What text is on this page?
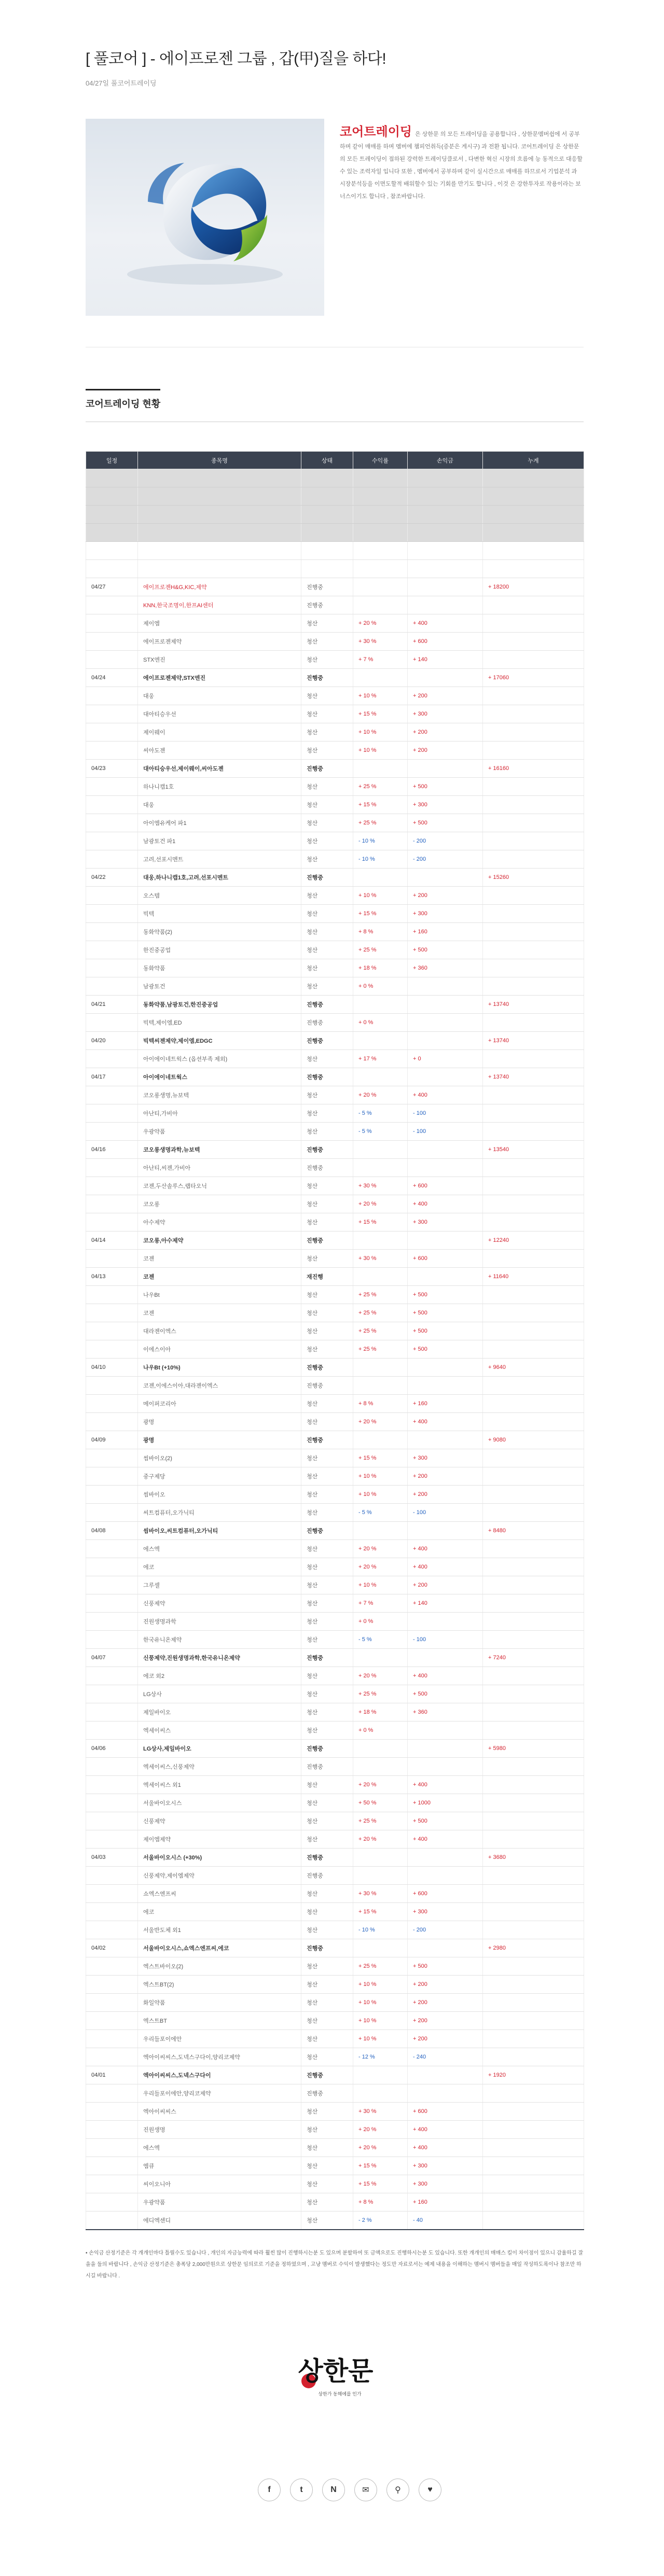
[ 풀코어 ] - 에이프로젠 그룹 , 갑(甲)질을 하다!
04/27일 풀코어트레이딩
코어트레이딩 은 상한문 의 모든 트레이딩을 공용합니다 , 상한문멤버쉽에 서 공부하며 같이 매매를 하며 멤버에 챔피언취득(증분은 게시구) 과 전환 됩니다. 코어트레이딩 은 상한문 의 모든 트레이딩이 접하된 강력한 트레이딩클로서 , 다변한 혁신 시장의 흐름에 능 동적으로 대응할수 있는 조력자일 입니다 또한 , 멤버에서 공부하며 같이 실시간으로 매매를 하므로서 기업분석 과 시장분석등을 이면도할적 배워할수 있는 기회를 만기도 합니다 , 이것 은 강한투자로 작용이라는 보너스이기도 합니다 , 참조바랍니다.

코어트레이딩 현황
일정	종목명	상태	수익률	손익금	누계

04/27	에이프로젠H&G,KIC,제약	진행중			+ 18200
	KNN,한국조명이,한프AI센터	진행중			
	제이엠	청산	+ 20 %	+ 400	
	에이프로젠제약	청산	+ 30 %	+ 600	
	STX엔진	청산	+ 7 %	+ 140	
04/24	에이프로젠제약,STX엔진	진행중			+ 17060
	대웅	청산	+ 10 %	+ 200	
	대아티승우선	청산	+ 15 %	+ 300	
	제이웨이	청산	+ 10 %	+ 200	
	씨아도젠	청산	+ 10 %	+ 200	
04/23	대아티승우선,제이웨이,씨아도젠	진행중			+ 16160
	하나니캡1호	청산	+ 25 %	+ 500	
	대웅	청산	+ 15 %	+ 300	
	아이엠유케어 파1	청산	+ 25 %	+ 500	
	남광토건 파1	청산	- 10 %	- 200	
	고려,선포시멘트	청산	- 10 %	- 200	
04/22	대웅,하나니캡1호,고려,선포시멘트	진행중			+ 15260
	오스템	청산	+ 10 %	+ 200	
	빅텍	청산	+ 15 %	+ 300	
	동화약품(2)	청산	+ 8 %	+ 160	
	한진중공업	청산	+ 25 %	+ 500	
	동화약품	청산	+ 18 %	+ 360	
	남광토건	청산	+ 0 %		
04/21	동화약품,남광토건,한진중공업	진행중			+ 13740
	빅텍,제이엠,ED	진행중	+ 0 %		
04/20	빅텍씨젠제약,제이엠,EDGC	진행중			+ 13740
	아이에이네트웍스 (옵션부족 제외)	청산	+ 17 %	+ 0	
04/17	아이에이네트웍스	진행중			+ 13740
	코오롱생명,뉴보텍	청산	+ 20 %	+ 400	
	아난티,가비아	청산	- 5 %	- 100	
	우광약품	청산	- 5 %	- 100	
04/16	코오롱생명과학,뉴보텍	진행중			+ 13540
	아난티,씨젠,가비아	진행중			
	코젠,두산솔루스,랩타오닉	청산	+ 30 %	+ 600	
	코오롱	청산	+ 20 %	+ 400	
	아수제약	청산	+ 15 %	+ 300	
04/14	코오롱,아수제약	진행중			+ 12240
	코젠	청산	+ 30 %	+ 600	
04/13	코젠	재진행			+ 11640
	나우Bt	청산	+ 25 %	+ 500	
	코젠	청산	+ 25 %	+ 500	
	대라젠이엑스	청산	+ 25 %	+ 500	
	이에스이아	청산	+ 25 %	+ 500	
04/10	나우Bt (+10%)	진행중			+ 9640
	코젠,이에스이아,대라젠이엑스	진행중			
	메이퍼코리아	청산	+ 8 %	+ 160	
	광명	청산	+ 20 %	+ 400	
04/09	광명	진행중			+ 9080
	씸바이오(2)	청산	+ 15 %	+ 300	
	중구제당	청산	+ 10 %	+ 200	
	씸바이오	청산	+ 10 %	+ 200	
	씨트컴퓨터,오가닉티	청산	- 5 %	- 100	
04/08	씸바이오,씨트컴퓨터,오가닉티	진행중			+ 8480
	에스엑	청산	+ 20 %	+ 400	
	에코	청산	+ 20 %	+ 400	
	그루셀	청산	+ 10 %	+ 200	
	신풍제약	청산	+ 7 %	+ 140	
	진원생명과학	청산	+ 0 %		
	한국유니온제약	청산	- 5 %	- 100	
04/07	신풍제약,진원생명과학,한국유니온제약	진행중			+ 7240
	에코 외2	청산	+ 20 %	+ 400	
	LG상사	청산	+ 25 %	+ 500	
	제일바이오	청산	+ 18 %	+ 360	
	엑세이씨스	청산	+ 0 %		
04/06	LG상사,제일바이오	진행중			+ 5980
	엑세이씨스,신풍제약	진행중			
	엑세이씨스 외1	청산	+ 20 %	+ 400	
	서울바이오시스	청산	+ 50 %	+ 1000	
	신풍제약	청산	+ 25 %	+ 500	
	제이엠제약	청산	+ 20 %	+ 400	
04/03	서울바이오시스 (+30%)	진행중			+ 3680
	신풍제약,제이엠제약	진행중			
	쇼엑스엔프씨	청산	+ 30 %	+ 600	
	에코	청산	+ 15 %	+ 300	
	서울반도체 외1	청산	- 10 %	- 200	
04/02	서울바이오시스,쇼엑스엔프씨,에코	진행중			+ 2980
	엑스트바이오(2)	청산	+ 25 %	+ 500	
	엑스트BT(2)	청산	+ 10 %	+ 200	
	화일약품	청산	+ 10 %	+ 200	
	엑스트BT	청산	+ 10 %	+ 200	
	우리들포이에안	청산	+ 10 %	+ 200	
	엑아이씨씨스,도넥스구다이,양리코제약	청산	- 12 %	- 240	
04/01	엑아이씨씨스,도넥스구다이	진행중			+ 1920
	우리들포이에안,양리코제약	진행중			
	엑아이씨씨스	청산	+ 30 %	+ 600	
	진원생명	청산	+ 20 %	+ 400	
	에스엑	청산	+ 20 %	+ 400	
	엠큐	청산	+ 15 %	+ 300	
	씨이오니아	청산	+ 15 %	+ 300	
	우광약품	청산	+ 8 %	+ 160	
	에디엑센디	청산	- 2 %	- 40	

• 손익금 산정기준은 각 개개인마다 틀릴수도 있습니다 , 개인의 자금능력에 따라 훨씬 많이 진행하시는분 도 있으며 분할하여 또 금액으로도 진행하시는분 도 있습니다. 또한 개개인의 매매스 킬이 차이점이 있으니 감율하길 잘을을 둘의 바랍니다 , 손익금 산정기준은 총폭당 2,000만원으로 상한문 임의로로 기준을 정하였으며 , 고냥 멤버로 수익이 발생했다는 정도만 자료로서는 예제 내용을 이해하는 멤버시 멤버들을 매일 작성하도록이나 참조만 하시길 바랍니다 .

상한문
상한가 동해에를 인가
f	t	N	✉	⚲	♥
